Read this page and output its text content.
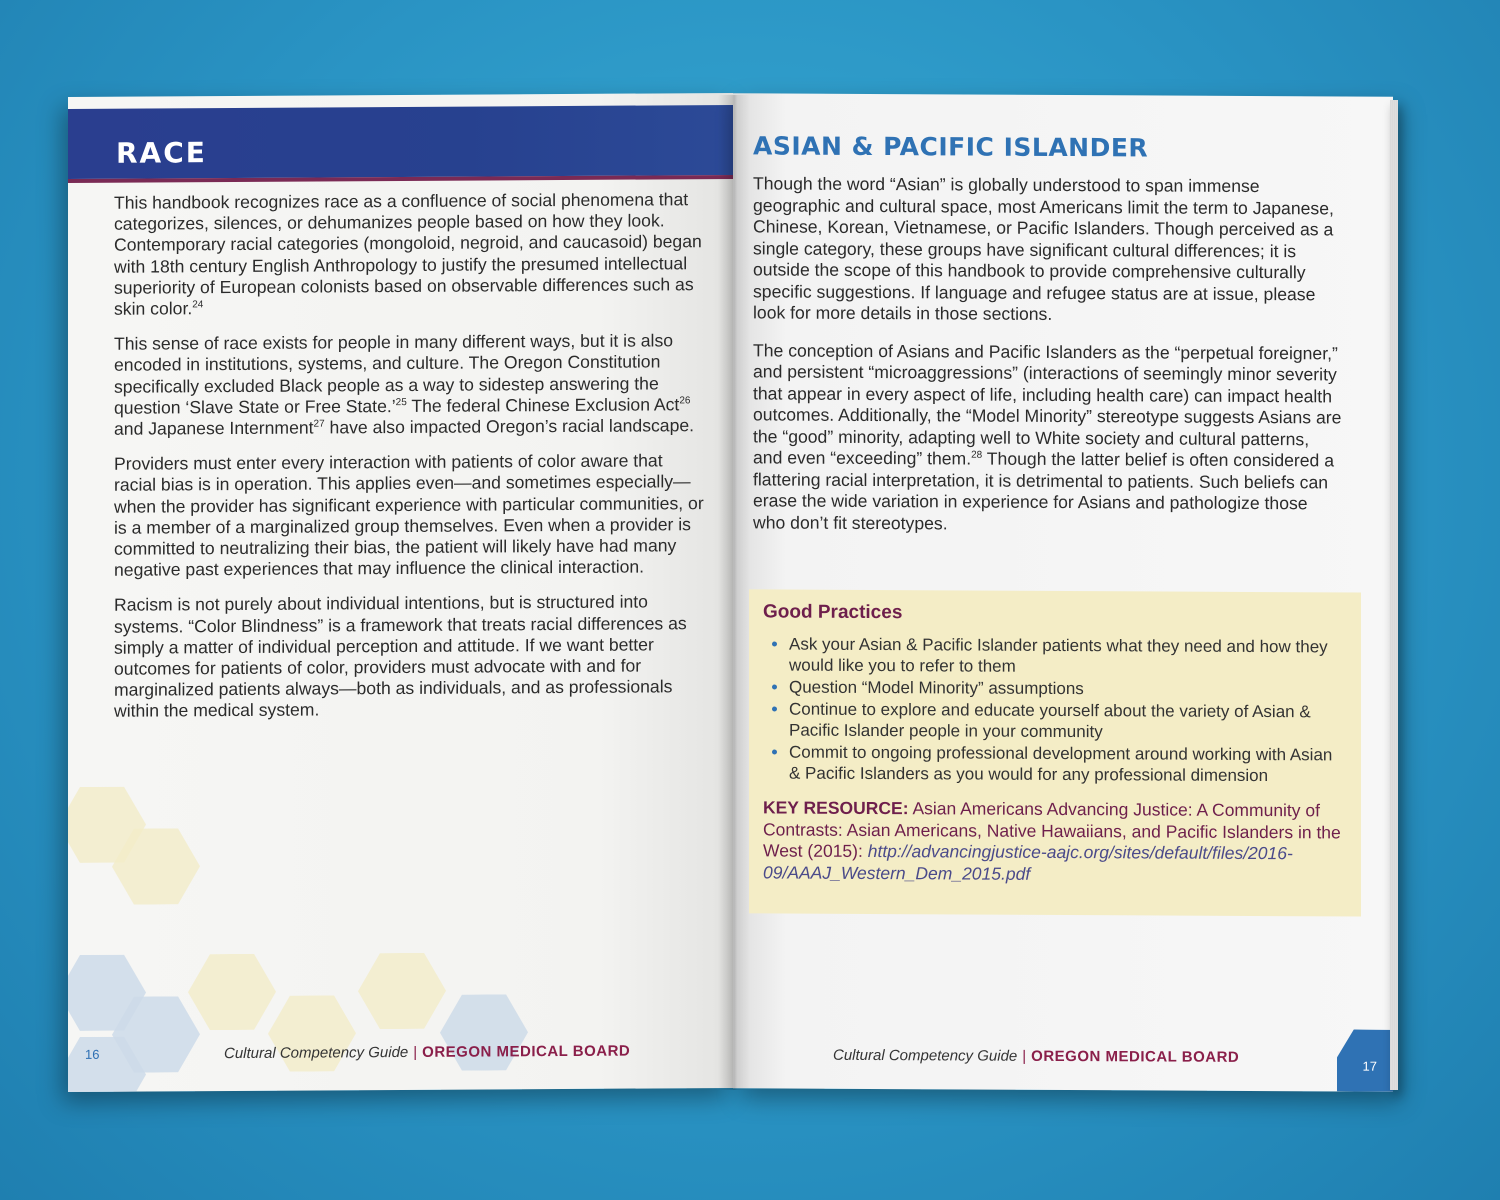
RACE

This handbook recognizes race as a confluence of social phenomena that categorizes, silences, or dehumanizes people based on how they look. Contemporary racial categories (mongoloid, negroid, and caucasoid) began with 18th century English Anthropology to justify the presumed intellectual superiority of European colonists based on observable differences such as skin color.$^{24}$

This sense of race exists for people in many different ways, but it is also encoded in institutions, systems, and culture. The Oregon Constitution specifically excluded Black people as a way to sidestep answering the question ‘Slave State or Free State.’$^{25}$ The federal Chinese Exclusion Act$^{26}$ and Japanese Internment$^{27}$ have also impacted Oregon’s racial landscape.

Providers must enter every interaction with patients of color aware that racial bias is in operation. This applies even—and sometimes especially—when the provider has significant experience with particular communities, or is a member of a marginalized group themselves. Even when a provider is committed to neutralizing their bias, the patient will likely have had many negative past experiences that may influence the clinical interaction.

Racism is not purely about individual intentions, but is structured into systems. “Color Blindness” is a framework that treats racial differences as simply a matter of individual perception and attitude. If we want better outcomes for patients of color, providers must advocate with and for marginalized patients always—both as individuals, and as professionals within the medical system.

16	Cultural Competency Guide | OREGON MEDICAL BOARD
ASIAN & PACIFIC ISLANDER

Though the word “Asian” is globally understood to span immense geographic and cultural space, most Americans limit the term to Japanese, Chinese, Korean, Vietnamese, or Pacific Islanders. Though perceived as a single category, these groups have significant cultural differences; it is outside the scope of this handbook to provide comprehensive culturally specific suggestions. If language and refugee status are at issue, please look for more details in those sections.

The conception of Asians and Pacific Islanders as the “perpetual foreigner,” and persistent “microaggressions” (interactions of seemingly minor severity that appear in every aspect of life, including health care) can impact health outcomes. Additionally, the “Model Minority” stereotype suggests Asians are the “good” minority, adapting well to White society and cultural patterns, and even “exceeding” them.$^{28}$ Though the latter belief is often considered a flattering racial interpretation, it is detrimental to patients. Such beliefs can erase the wide variation in experience for Asians and pathologize those who don’t fit stereotypes.

Good Practices
• Ask your Asian & Pacific Islander patients what they need and how they would like you to refer to them
• Question “Model Minority” assumptions
• Continue to explore and educate yourself about the variety of Asian & Pacific Islander people in your community
• Commit to ongoing professional development around working with Asian & Pacific Islanders as you would for any professional dimension
KEY RESOURCE: Asian Americans Advancing Justice: A Community of Contrasts: Asian Americans, Native Hawaiians, and Pacific Islanders in the West (2015): http://advancingjustice-aajc.org/sites/default/files/2016-09/AAAJ_Western_Dem_2015.pdf
Cultural Competency Guide | OREGON MEDICAL BOARD
17
